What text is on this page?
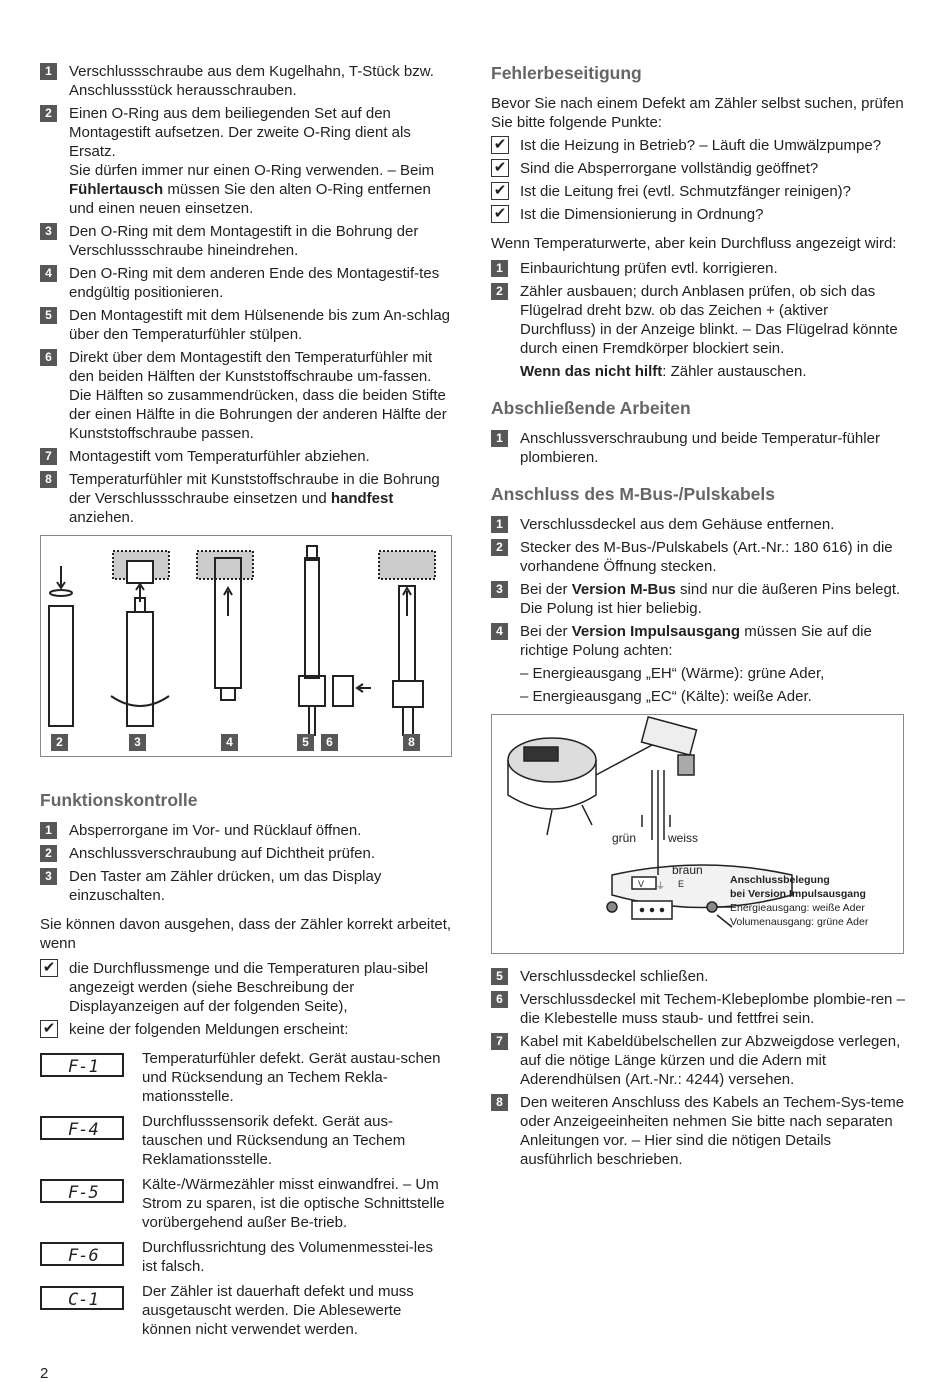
1	Verschlussschraube aus dem Kugelhahn, T-Stück bzw. Anschlussstück herausschrauben.
2	Einen O-Ring aus dem beiliegenden Set auf den Montagestift aufsetzen. Der zweite O-Ring dient als Ersatz.
Sie dürfen immer nur einen O-Ring verwenden. – Beim Fühlertausch müssen Sie den alten O-Ring entfernen und einen neuen einsetzen.
3	Den O-Ring mit dem Montagestift in die Bohrung der Verschlussschraube hineindrehen.
4	Den O-Ring mit dem anderen Ende des Montagestif-tes endgültig positionieren.
5	Den Montagestift mit dem Hülsenende bis zum An-schlag über den Temperaturfühler stülpen.
6	Direkt über dem Montagestift den Temperaturfühler mit den beiden Hälften der Kunststoffschraube um-fassen. Die Hälften so zusammendrücken, dass die beiden Stifte der einen Hälfte in die Bohrungen der anderen Hälfte der Kunststoffschraube passen.
7	Montagestift vom Temperaturfühler abziehen.
8	Temperaturfühler mit Kunststoffschraube in die Bohrung der Verschlussschraube einsetzen und handfest anziehen.
2	3	4	5	6	8
Funktionskontrolle
1	Absperrorgane im Vor- und Rücklauf öffnen.
2	Anschlussverschraubung auf Dichtheit prüfen.
3	Den Taster am Zähler drücken, um das Display einzuschalten.
Sie können davon ausgehen, dass der Zähler korrekt arbeitet, wenn
✔ die Durchflussmenge und die Temperaturen plau-sibel angezeigt werden (siehe Beschreibung der Displayanzeigen auf der folgenden Seite),
✔ keine der folgenden Meldungen erscheint:
F-1	Temperaturfühler defekt. Gerät austau-schen und Rücksendung an Techem Rekla-mationsstelle.
F-4	Durchflusssensorik defekt. Gerät aus-tauschen und Rücksendung an Techem Reklamationsstelle.
F-5	Kälte-/Wärmezähler misst einwandfrei. – Um Strom zu sparen, ist die optische Schnittstelle vorübergehend außer Be-trieb.
F-6	Durchflussrichtung des Volumenmesstei-les ist falsch.
C-1	Der Zähler ist dauerhaft defekt und muss ausgetauscht werden. Die Ablesewerte können nicht verwendet werden.
Fehlerbeseitigung
Bevor Sie nach einem Defekt am Zähler selbst suchen, prüfen Sie bitte folgende Punkte:
✔ Ist die Heizung in Betrieb? – Läuft die Umwälzpumpe?
✔ Sind die Absperrorgane vollständig geöffnet?
✔ Ist die Leitung frei (evtl. Schmutzfänger reinigen)?
✔ Ist die Dimensionierung in Ordnung?
Wenn Temperaturwerte, aber kein Durchfluss angezeigt wird:
1	Einbaurichtung prüfen evtl. korrigieren.
2	Zähler ausbauen; durch Anblasen prüfen, ob sich das Flügelrad dreht bzw. ob das Zeichen + (aktiver Durchfluss) in der Anzeige blinkt. – Das Flügelrad könnte durch einen Fremdkörper blockiert sein.
Wenn das nicht hilft: Zähler austauschen.
Abschließende Arbeiten
1	Anschlussverschraubung und beide Temperatur-fühler plombieren.
Anschluss des M-Bus-/Pulskabels
1	Verschlussdeckel aus dem Gehäuse entfernen.
2	Stecker des M-Bus-/Pulskabels (Art.-Nr.: 180 616) in die vorhandene Öffnung stecken.
3	Bei der Version M-Bus sind nur die äußeren Pins belegt. Die Polung ist hier beliebig.
4	Bei der Version Impulsausgang müssen Sie auf die richtige Polung achten:
– Energieausgang „EH“ (Wärme): grüne Ader,
– Energieausgang „EC“ (Kälte): weiße Ader.
grün	weiss
braun
V ⏚ E	Anschlussbelegung
bei Version Impulsausgang
Energieausgang: weiße Ader
Volumenausgang: grüne Ader
5	Verschlussdeckel schließen.
6	Verschlussdeckel mit Techem-Klebeplombe plombie-ren – die Klebestelle muss staub- und fettfrei sein.
7	Kabel mit Kabeldübelschellen zur Abzweigdose verlegen, auf die nötige Länge kürzen und die Adern mit Aderendhülsen (Art.-Nr.: 4244) versehen.
8	Den weiteren Anschluss des Kabels an Techem-Sys-teme oder Anzeigeeinheiten nehmen Sie bitte nach separaten Anleitungen vor. – Hier sind die nötigen Details ausführlich beschrieben.
2
